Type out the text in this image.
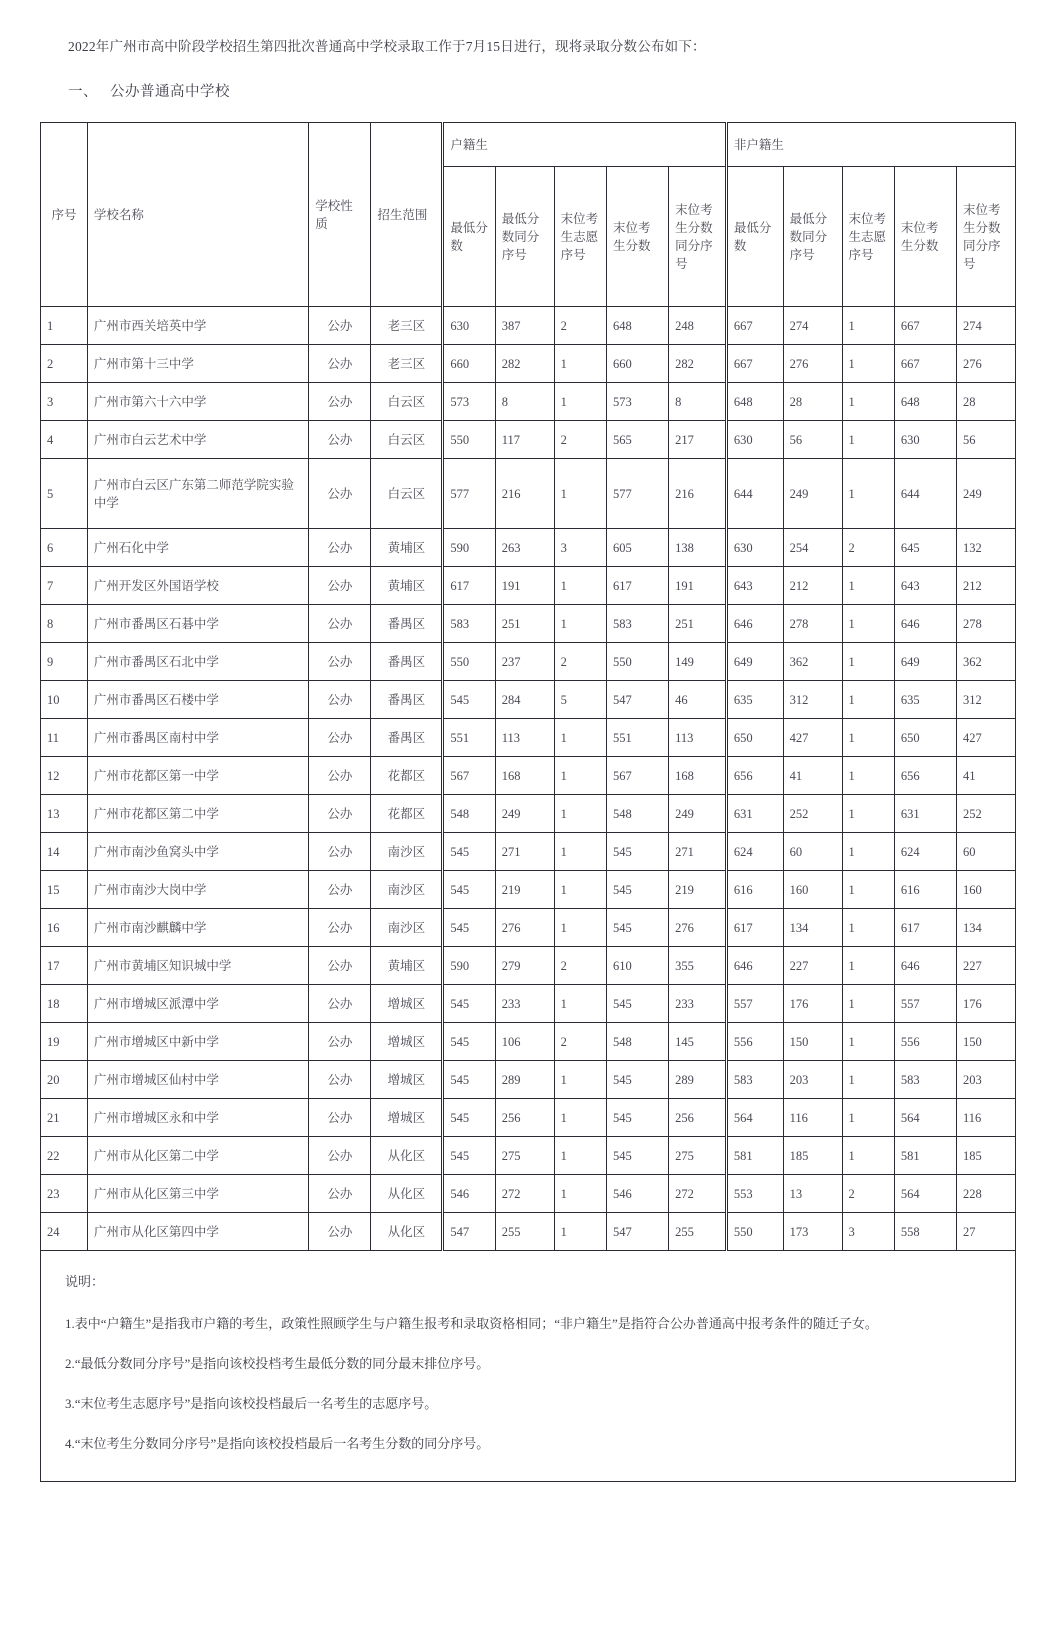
2022年广州市高中阶段学校招生第四批次普通高中学校录取工作于7月15日进行，现将录取分数公布如下：

一、 公办普通高中学校

序号	学校名称	学校性质	招生范围	户籍生					非户籍生				
				最低分数	最低分数同分序号	末位考生志愿序号	末位考生分数	末位考生分数同分序号	最低分数	最低分数同分序号	末位考生志愿序号	末位考生分数	末位考生分数同分序号
1	广州市西关培英中学	公办	老三区	630	387	2	648	248	667	274	1	667	274
2	广州市第十三中学	公办	老三区	660	282	1	660	282	667	276	1	667	276
3	广州市第六十六中学	公办	白云区	573	8	1	573	8	648	28	1	648	28
4	广州市白云艺术中学	公办	白云区	550	117	2	565	217	630	56	1	630	56
5	广州市白云区广东第二师范学院实验中学	公办	白云区	577	216	1	577	216	644	249	1	644	249
6	广州石化中学	公办	黄埔区	590	263	3	605	138	630	254	2	645	132
7	广州开发区外国语学校	公办	黄埔区	617	191	1	617	191	643	212	1	643	212
8	广州市番禺区石碁中学	公办	番禺区	583	251	1	583	251	646	278	1	646	278
9	广州市番禺区石北中学	公办	番禺区	550	237	2	550	149	649	362	1	649	362
10	广州市番禺区石楼中学	公办	番禺区	545	284	5	547	46	635	312	1	635	312
11	广州市番禺区南村中学	公办	番禺区	551	113	1	551	113	650	427	1	650	427
12	广州市花都区第一中学	公办	花都区	567	168	1	567	168	656	41	1	656	41
13	广州市花都区第二中学	公办	花都区	548	249	1	548	249	631	252	1	631	252
14	广州市南沙鱼窝头中学	公办	南沙区	545	271	1	545	271	624	60	1	624	60
15	广州市南沙大岗中学	公办	南沙区	545	219	1	545	219	616	160	1	616	160
16	广州市南沙麒麟中学	公办	南沙区	545	276	1	545	276	617	134	1	617	134
17	广州市黄埔区知识城中学	公办	黄埔区	590	279	2	610	355	646	227	1	646	227
18	广州市增城区派潭中学	公办	增城区	545	233	1	545	233	557	176	1	557	176
19	广州市增城区中新中学	公办	增城区	545	106	2	548	145	556	150	1	556	150
20	广州市增城区仙村中学	公办	增城区	545	289	1	545	289	583	203	1	583	203
21	广州市增城区永和中学	公办	增城区	545	256	1	545	256	564	116	1	564	116
22	广州市从化区第二中学	公办	从化区	545	275	1	545	275	581	185	1	581	185
23	广州市从化区第三中学	公办	从化区	546	272	1	546	272	553	13	2	564	228
24	广州市从化区第四中学	公办	从化区	547	255	1	547	255	550	173	3	558	27

说明：

1.表中“户籍生”是指我市户籍的考生，政策性照顾学生与户籍生报考和录取资格相同；“非户籍生”是指符合公办普通高中报考条件的随迁子女。

2.“最低分数同分序号”是指向该校投档考生最低分数的同分最末排位序号。

3.“末位考生志愿序号”是指向该校投档最后一名考生的志愿序号。

4.“末位考生分数同分序号”是指向该校投档最后一名考生分数的同分序号。
